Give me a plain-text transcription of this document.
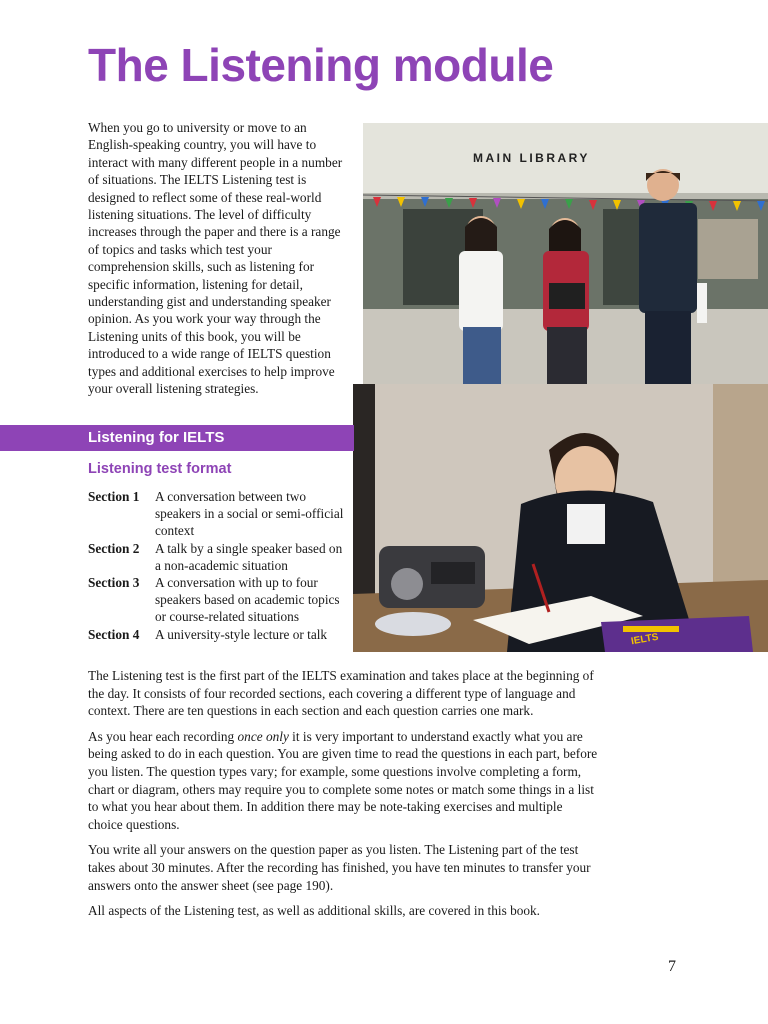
The Listening module

When you go to university or move to an English-speaking country, you will have to interact with many different people in a number of situations. The IELTS Listening test is designed to reflect some of these real-world listening situations. The level of difficulty increases through the paper and there is a range of topics and tasks which test your comprehension skills, such as listening for specific information, listening for detail, understanding gist and understanding speaker opinion. As you work your way through the Listening units of this book, you will be introduced to a wide range of IELTS question types and additional exercises to help improve your overall listening strategies.

MAIN LIBRARY
IELTS
Listening for IELTS
Listening test format
Section 1	A conversation between two speakers in a social or semi-official context
Section 2	A talk by a single speaker based on a non-academic situation
Section 3	A conversation with up to four speakers based on academic topics or course-related situations
Section 4	A university-style lecture or talk

The Listening test is the first part of the IELTS examination and takes place at the beginning of the day. It consists of four recorded sections, each covering a different type of language and context. There are ten questions in each section and each question carries one mark.

As you hear each recording once only it is very important to understand exactly what you are being asked to do in each question. You are given time to read the questions in each part, before you listen. The question types vary; for example, some questions involve completing a form, chart or diagram, others may require you to complete some notes or match some things in a list to what you hear about them. In addition there may be note-taking exercises and multiple choice questions.

You write all your answers on the question paper as you listen. The Listening part of the test takes about 30 minutes. After the recording has finished, you have ten minutes to transfer your answers onto the answer sheet (see page 190).

All aspects of the Listening test, as well as additional skills, are covered in this book.

7
